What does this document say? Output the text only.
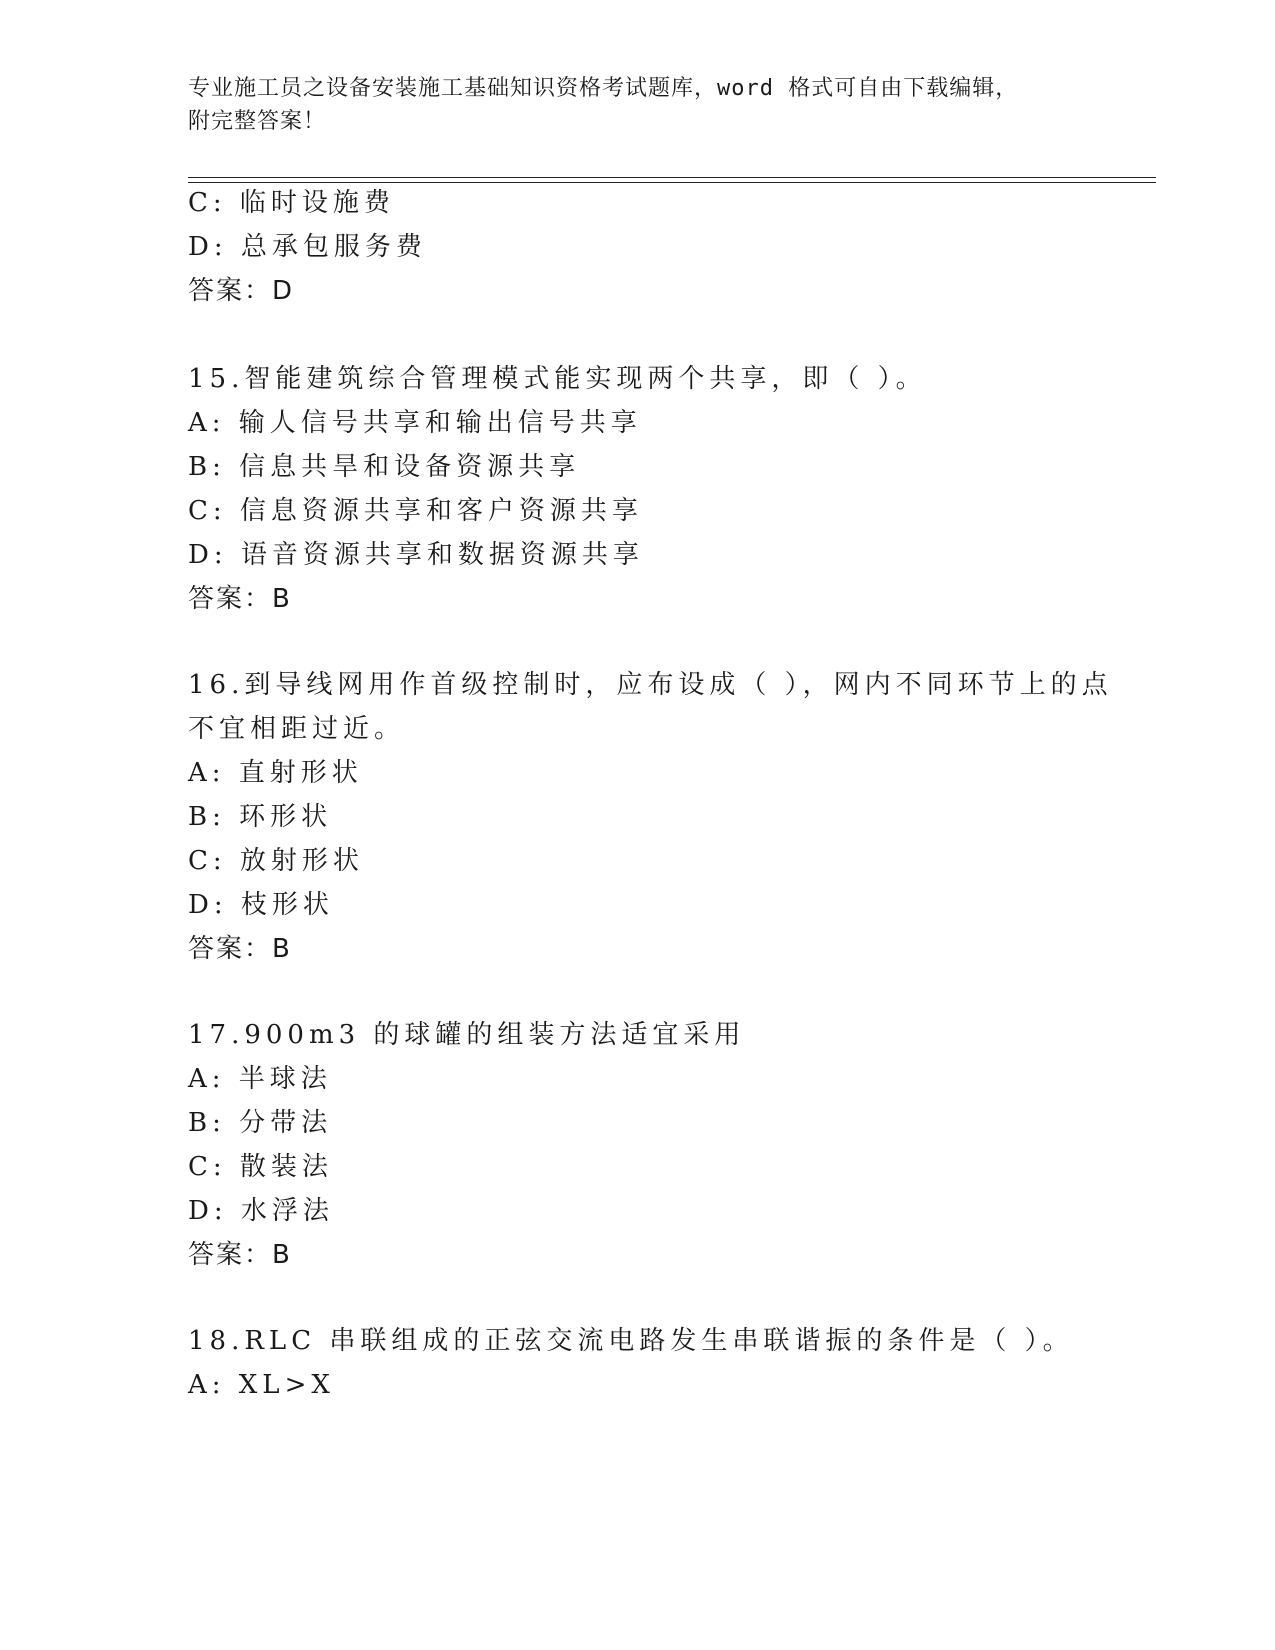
专业施工员之设备安装施工基础知识资格考试题库，word 格式可自由下载编辑，
附完整答案！
C: 临时设施费
D: 总承包服务费
答案：D
15.智能建筑综合管理模式能实现两个共享，即（ ）。
A: 输人信号共享和输出信号共享
B: 信息共旱和设备资源共享
C: 信息资源共享和客户资源共享
D: 语音资源共享和数据资源共享
答案：B
16.到导线网用作首级控制时，应布设成（ ），网内不同环节上的点
不宜相距过近。
A: 直射形状
B: 环形状
C: 放射形状
D: 枝形状
答案：B
17.900m3 的球罐的组装方法适宜采用
A: 半球法
B: 分带法
C: 散装法
D: 水浮法
答案：B
18.RLC 串联组成的正弦交流电路发生串联谐振的条件是（ ）。
A: XL>X
